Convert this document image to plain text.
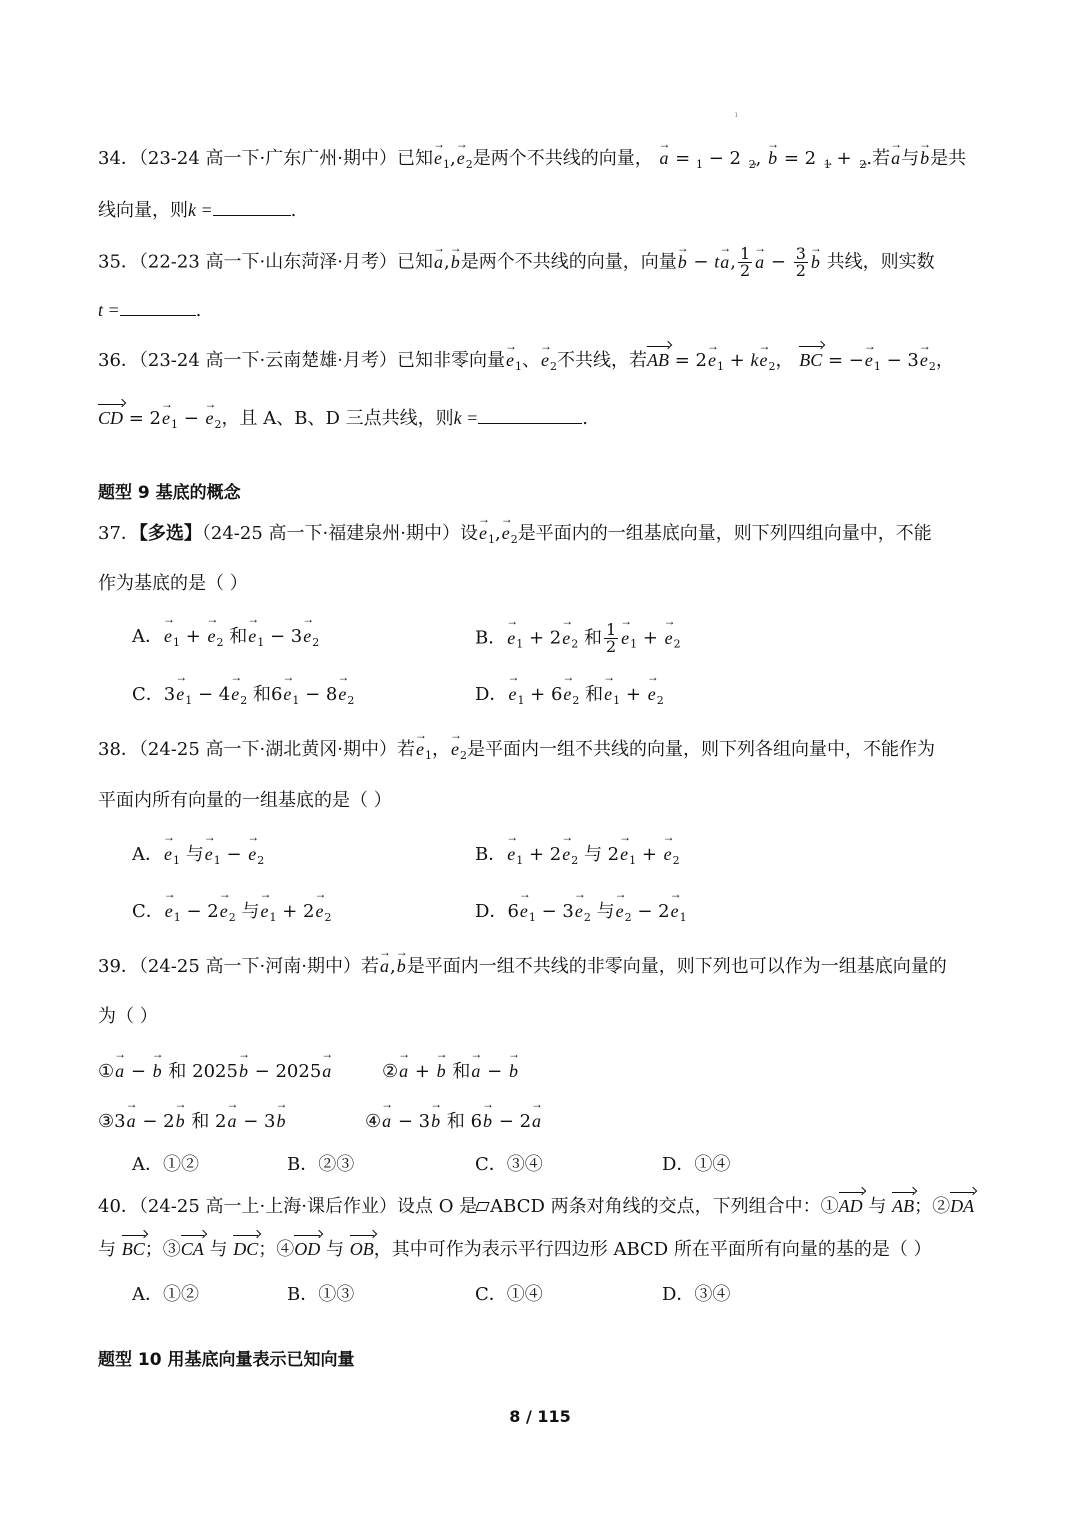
ı
34．（23-24 高一下·广东广州·期中）已知→ $e_1,\to e_2$是两个不共线的向量， → a = $_1$ − 2 $_2$, → b = 2 $_1$ + $_2$.若→ a与→ b是共
线向量，则k =	.
35．（22-23 高一下·山东菏泽·月考）已知→ a,→ b是两个不共线的向量，向量→ b − t→ a, $\frac{1}{2}$
→ $a - \frac{3}{2}$
→ b 共线，则实数
t =	.
36．（23-24 高一下·云南楚雄·月考）已知非零向量→ $e_1$、→ $e_2$不共线，若AB = $2\to e_1 + k\to e_2$， BC = −→ $e_1 - 3\to e_2$，
CD = $2\to e_1$ − → $e_2$，且 A、B、D 三点共线，则k =	.
题型 9 基底的概念
37．【多选】（24-25 高一下·福建泉州·期中）设→ $e_1,\to e_2$是平面内的一组基底向量，则下列四组向量中，不能
作为基底的是（ ）
A．→ $e_1$ + → $e_2$ 和→ $e_1 - 3\to e_2$	B．→ $e_1 + 2\to e_2$ 和 $\frac{1}{2}$
→ $e_1$ + → $e_2$
C．$3\to e_1 - 4\to e_2$ 和$6\to e_1 - 8\to e_2$	D．→ $e_1 + 6\to e_2$ 和→ $e_1$ + → $e_2$
38．（24-25 高一下·湖北黄冈·期中）若→ $e_1$，→ $e_2$是平面内一组不共线的向量，则下列各组向量中，不能作为
平面内所有向量的一组基底的是（ ）
A．→ $e_1$ 与→ $e_1$ − → $e_2$	B．→ $e_1 + 2\to e_2$ 与 $2\to e_1$ + → $e_2$
C．→ $e_1 - 2\to e_2$ 与→ $e_1 + 2\to e_2$	D．$6\to e_1 - 3\to e_2$ 与→ $e_2 - 2\to e_1$
39．（24-25 高一下·河南·期中）若→ a,→ b是平面内一组不共线的非零向量，则下列也可以作为一组基底向量的
为（ ）
①→ a − → b 和 2025→ b − 2025→ a	②→ a + → b 和→ a − → b
③3→ a − 2→ b 和 2→ a − 3→ b	④→ a − 3→ b 和 6→ b − 2→ a
A．①②	B．②③	C．③④	D．①④
40．（24-25 高一上·上海·课后作业）设点 O 是 ABCD 两条对角线的交点，下列组合中：①AD 与 AB；②DA
与 BC；③CA 与 DC；④OD 与 OB，其中可作为表示平行四边形 ABCD 所在平面所有向量的基的是（ ）
A．①②	B．①③	C．①④	D．③④
题型 10 用基底向量表示已知向量
8 / 115
